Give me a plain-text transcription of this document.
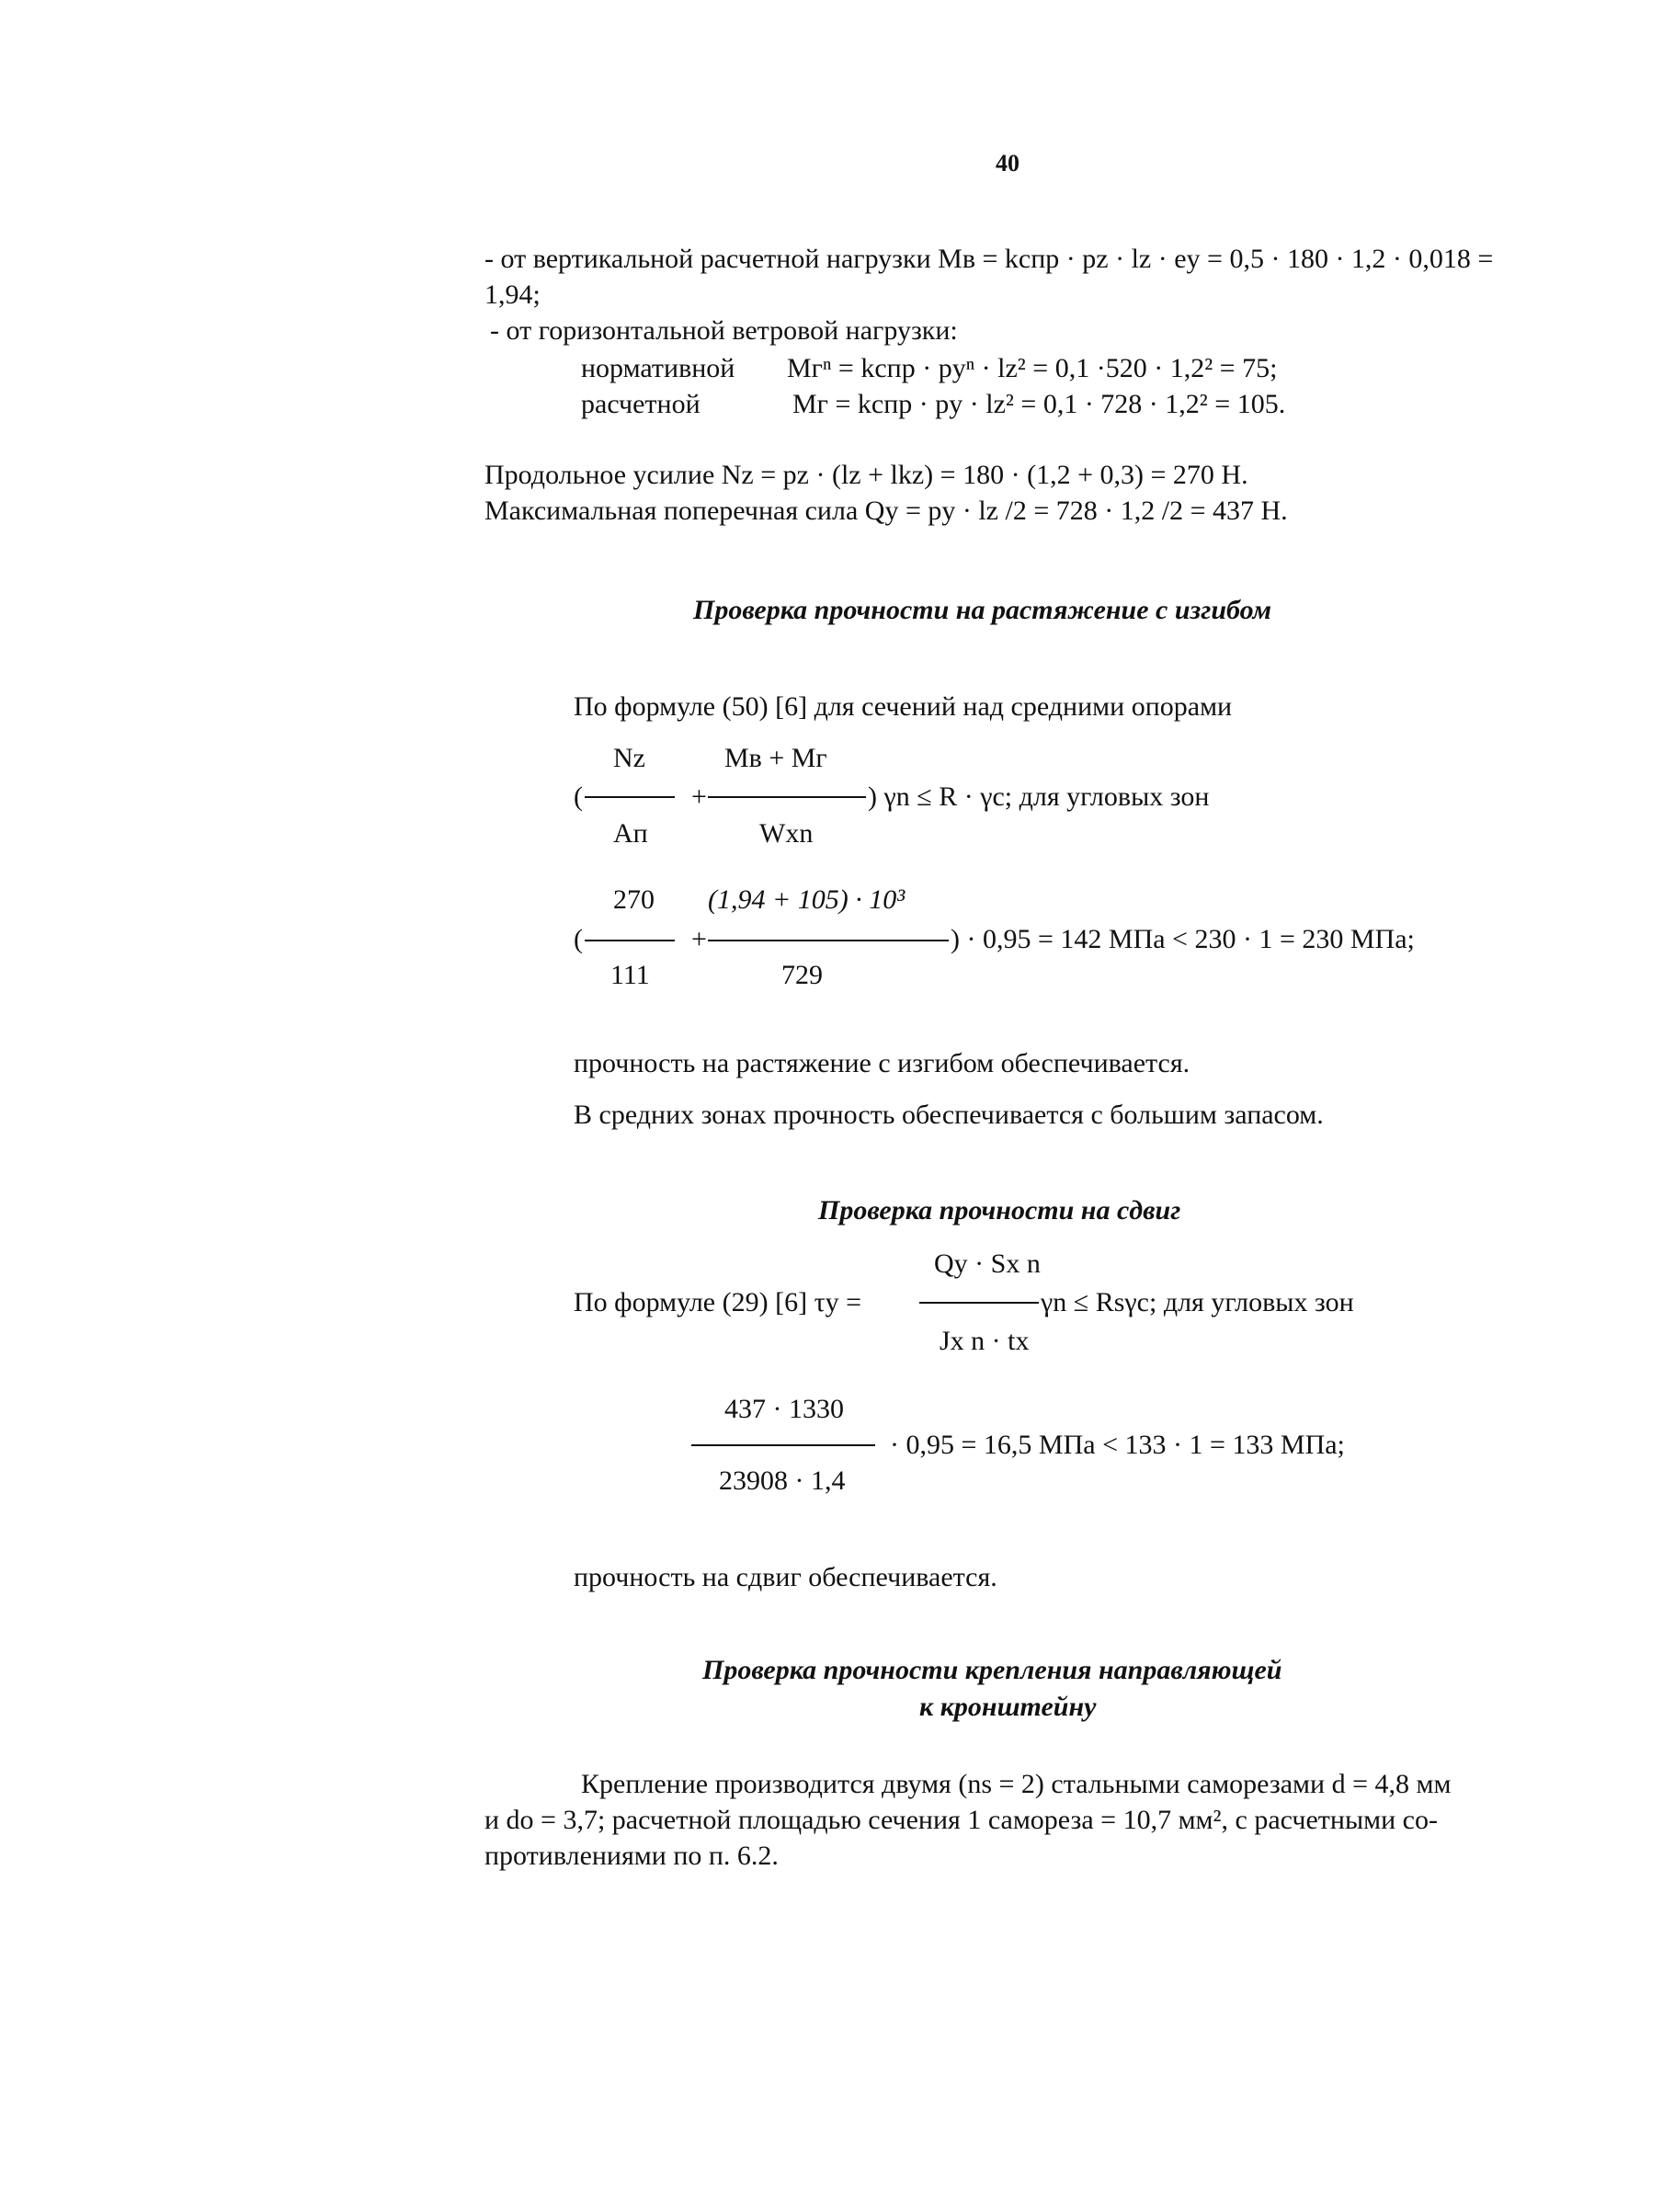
40
- от вертикальной расчетной нагрузки Mв = kспр · pz · lz · ey = 0,5 · 180 · 1,2 · 0,018 =
1,94;
- от горизонтальной ветровой нагрузки:
нормативной Mгⁿ = kспр · pyⁿ · lz² = 0,1 ·520 · 1,2² = 75;
расчетной	Mг = kспр · py · lz² = 0,1 · 728 · 1,2² = 105.
Продольное усилие Nz = pz · (lz + lkz) = 180 · (1,2 + 0,3) = 270 Н.
Максимальная поперечная сила Qy = py · lz /2 = 728 · 1,2 /2 = 437 Н.
Проверка прочности на растяжение с изгибом
По формуле (50) [6] для сечений над средними опорами
Nz	Mв + Mг
(	+	) γn ≤ R · γc; для угловых зон
Aп	Wxn
270 (1,94 + 105) · 10³
(	+	) · 0,95 = 142 МПа < 230 · 1 = 230 МПа;
111	729
прочность на растяжение с изгибом обеспечивается.
В средних зонах прочность обеспечивается с большим запасом.
Проверка прочности на сдвиг
Qy · Sx n
По формуле (29) [6] τy =	γn ≤ Rsγc; для угловых зон
Jx n · tx
437 · 1330
· 0,95 = 16,5 МПа < 133 · 1 = 133 МПа;
23908 · 1,4
прочность на сдвиг обеспечивается.
Проверка прочности крепления направляющей
к кронштейну
Крепление производится двумя (ns = 2) стальными саморезами d = 4,8 мм
и do = 3,7; расчетной площадью сечения 1 самореза = 10,7 мм², с расчетными со-
противлениями по п. 6.2.
